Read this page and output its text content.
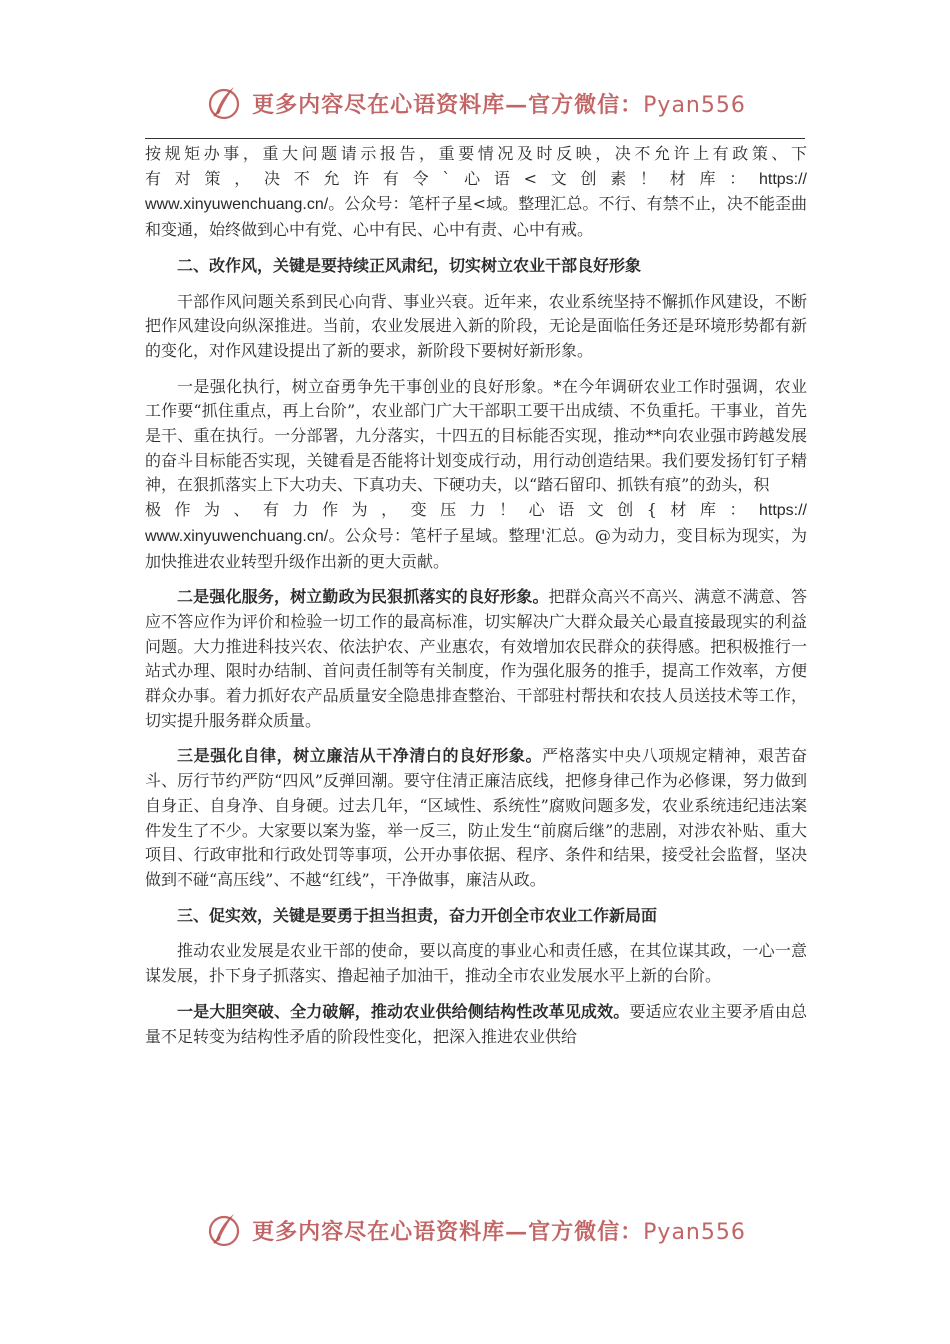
更多内容尽在心语资料库—官方微信：Pyan556

按规矩办事，重大问题请示报告，重要情况及时反映，决不允许上有政策、下

有对策，决不允许有令`心语<文创素！材库：https://

www.xinyuwenchuang.cn/。公众号：笔杆子星<域。整理汇总。不行、有禁不止，决不能歪曲和变通，始终做到心中有党、心中有民、心中有责、心中有戒。

二、改作风，关键是要持续正风肃纪，切实树立农业干部良好形象

干部作风问题关系到民心向背、事业兴衰。近年来，农业系统坚持不懈抓作风建设，不断把作风建设向纵深推进。当前，农业发展进入新的阶段，无论是面临任务还是环境形势都有新的变化，对作风建设提出了新的要求，新阶段下要树好新形象。

一是强化执行，树立奋勇争先干事创业的良好形象。*在今年调研农业工作时强调，农业工作要“抓住重点，再上台阶”，农业部门广大干部职工要干出成绩、不负重托。干事业，首先是干、重在执行。一分部署，九分落实，十四五的目标能否实现，推动**向农业强市跨越发展的奋斗目标能否实现，关键看是否能将计划变成行动，用行动创造结果。我们要发扬钉钉子精神，在狠抓落实上下大功夫、下真功夫、下硬功夫，以“踏石留印、抓铁有痕”的劲头，积

极作为、有力作为，变压力！心语文创{材库：https://

www.xinyuwenchuang.cn/。公众号：笔杆子星域。整理'汇总。@为动力，变目标为现实，为加快推进农业转型升级作出新的更大贡献。

二是强化服务，树立勤政为民狠抓落实的良好形象。把群众高兴不高兴、满意不满意、答应不答应作为评价和检验一切工作的最高标准，切实解决广大群众最关心最直接最现实的利益问题。大力推进科技兴农、依法护农、产业惠农，有效增加农民群众的获得感。把积极推行一站式办理、限时办结制、首问责任制等有关制度，作为强化服务的推手，提高工作效率，方便群众办事。着力抓好农产品质量安全隐患排查整治、干部驻村帮扶和农技人员送技术等工作，切实提升服务群众质量。

三是强化自律，树立廉洁从干净清白的良好形象。严格落实中央八项规定精神，艰苦奋斗、厉行节约严防“四风”反弹回潮。要守住清正廉洁底线，把修身律己作为必修课，努力做到自身正、自身净、自身硬。过去几年，“区域性、系统性”腐败问题多发，农业系统违纪违法案件发生了不少。大家要以案为鉴，举一反三，防止发生“前腐后继”的悲剧，对涉农补贴、重大项目、行政审批和行政处罚等事项，公开办事依据、程序、条件和结果，接受社会监督，坚决做到不碰“高压线”、不越“红线”，干净做事，廉洁从政。

三、促实效，关键是要勇于担当担责，奋力开创全市农业工作新局面

推动农业发展是农业干部的使命，要以高度的事业心和责任感，在其位谋其政，一心一意谋发展，扑下身子抓落实、撸起袖子加油干，推动全市农业发展水平上新的台阶。

一是大胆突破、全力破解，推动农业供给侧结构性改革见成效。要适应农业主要矛盾由总量不足转变为结构性矛盾的阶段性变化，把深入推进农业供给

更多内容尽在心语资料库—官方微信：Pyan556
